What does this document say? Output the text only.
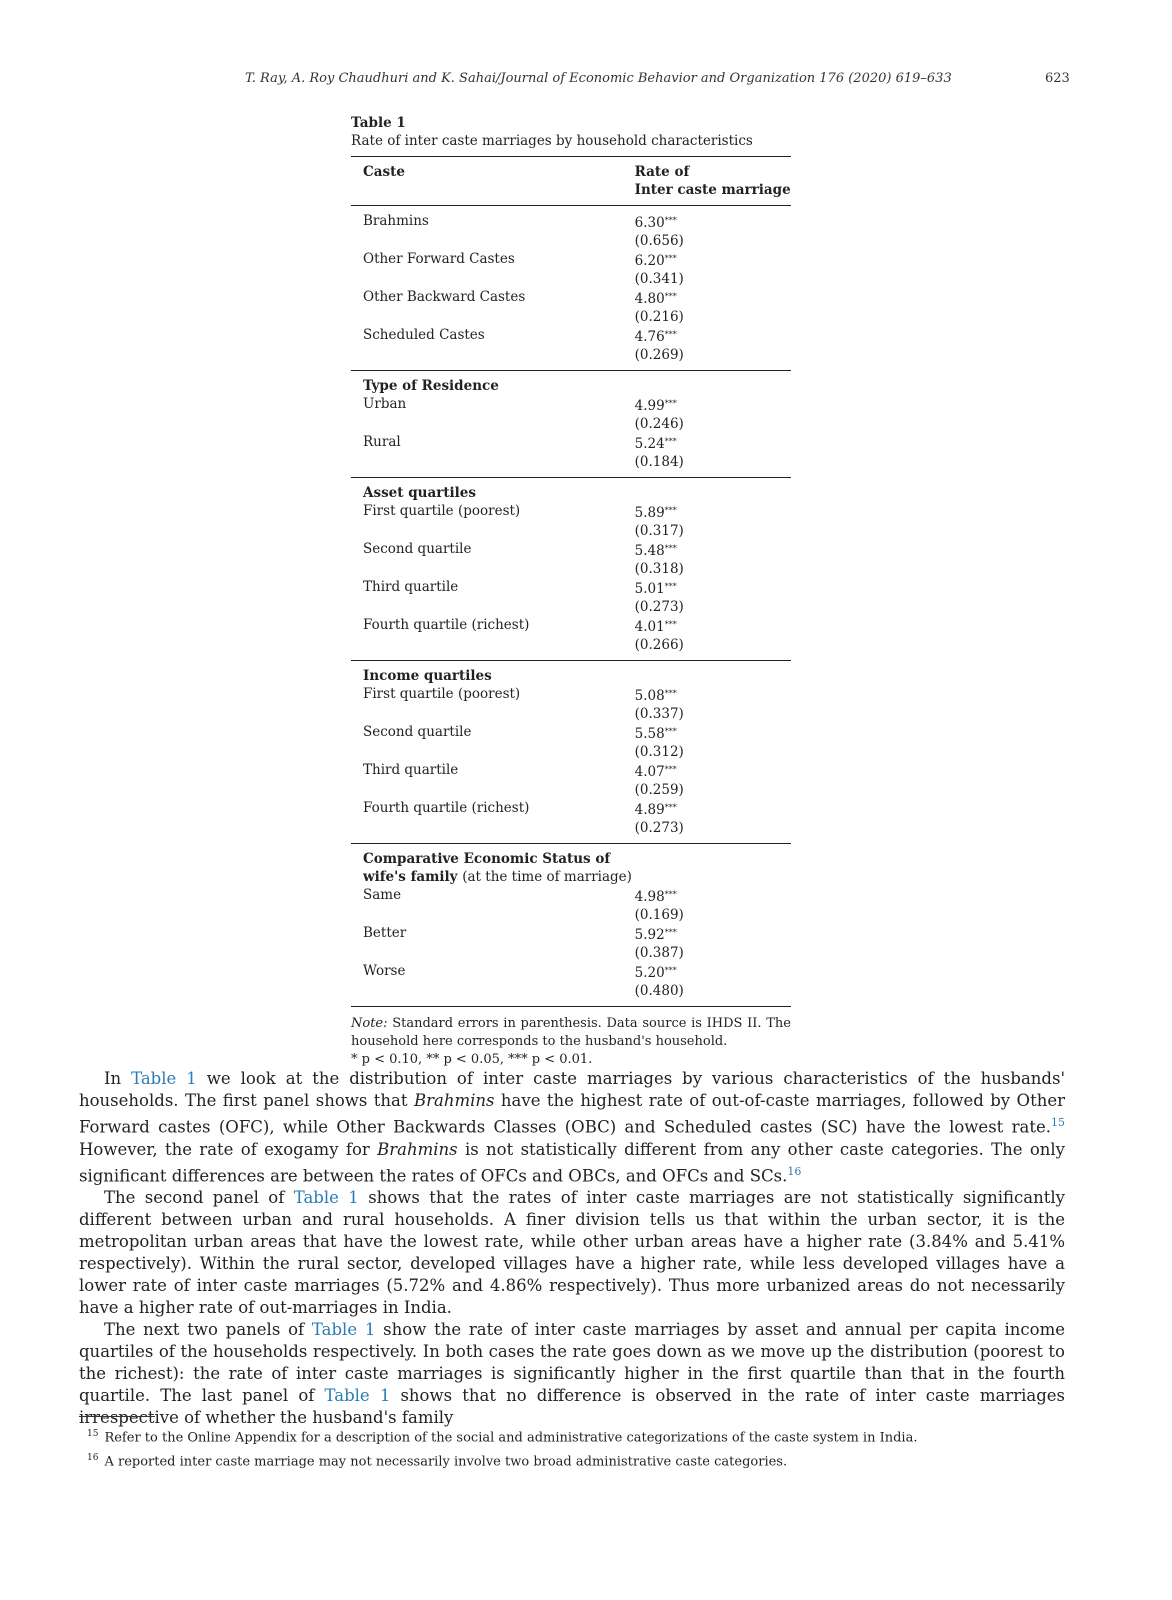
T. Ray, A. Roy Chaudhuri and K. Sahai/Journal of Economic Behavior and Organization 176 (2020) 619–633	623
Table 1
Rate of inter caste marriages by household characteristics
Caste	Rate of
Inter caste marriage

Brahmins	6.30***
	(0.656)
Other Forward Castes	6.20***
	(0.341)
Other Backward Castes	4.80***
	(0.216)
Scheduled Castes	4.76***
	(0.269)
Type of Residence	
Urban	4.99***
	(0.246)
Rural	5.24***
	(0.184)
Asset quartiles	
First quartile (poorest)	5.89***
	(0.317)
Second quartile	5.48***
	(0.318)
Third quartile	5.01***
	(0.273)
Fourth quartile (richest)	4.01***
	(0.266)
Income quartiles	
First quartile (poorest)	5.08***
	(0.337)
Second quartile	5.58***
	(0.312)
Third quartile	4.07***
	(0.259)
Fourth quartile (richest)	4.89***
	(0.273)

Comparative Economic Status of
wife's family (at the time of marriage)	

Same	4.98***
	(0.169)
Better	5.92***
	(0.387)
Worse	5.20***
	(0.480)
Note: Standard errors in parenthesis. Data source is IHDS II. The household here corresponds to the husband's household.
* p < 0.10, ** p < 0.05, *** p < 0.01.

In Table 1 we look at the distribution of inter caste marriages by various characteristics of the husbands' households. The first panel shows that Brahmins have the highest rate of out-of-caste marriages, followed by Other Forward castes (OFC), while Other Backwards Classes (OBC) and Scheduled castes (SC) have the lowest rate.$^{15}$ However, the rate of exogamy for Brahmins is not statistically different from any other caste categories. The only significant differences are between the rates of OFCs and OBCs, and OFCs and SCs.$^{16}$

The second panel of Table 1 shows that the rates of inter caste marriages are not statistically significantly different between urban and rural households. A finer division tells us that within the urban sector, it is the metropolitan urban areas that have the lowest rate, while other urban areas have a higher rate (3.84% and 5.41% respectively). Within the rural sector, developed villages have a higher rate, while less developed villages have a lower rate of inter caste marriages (5.72% and 4.86% respectively). Thus more urbanized areas do not necessarily have a higher rate of out-marriages in India.

The next two panels of Table 1 show the rate of inter caste marriages by asset and annual per capita income quartiles of the households respectively. In both cases the rate goes down as we move up the distribution (poorest to the richest): the rate of inter caste marriages is significantly higher in the first quartile than that in the fourth quartile. The last panel of Table 1 shows that no difference is observed in the rate of inter caste marriages irrespective of whether the husband's family

$^{15}$ Refer to the Online Appendix for a description of the social and administrative categorizations of the caste system in India.
$^{16}$ A reported inter caste marriage may not necessarily involve two broad administrative caste categories.
